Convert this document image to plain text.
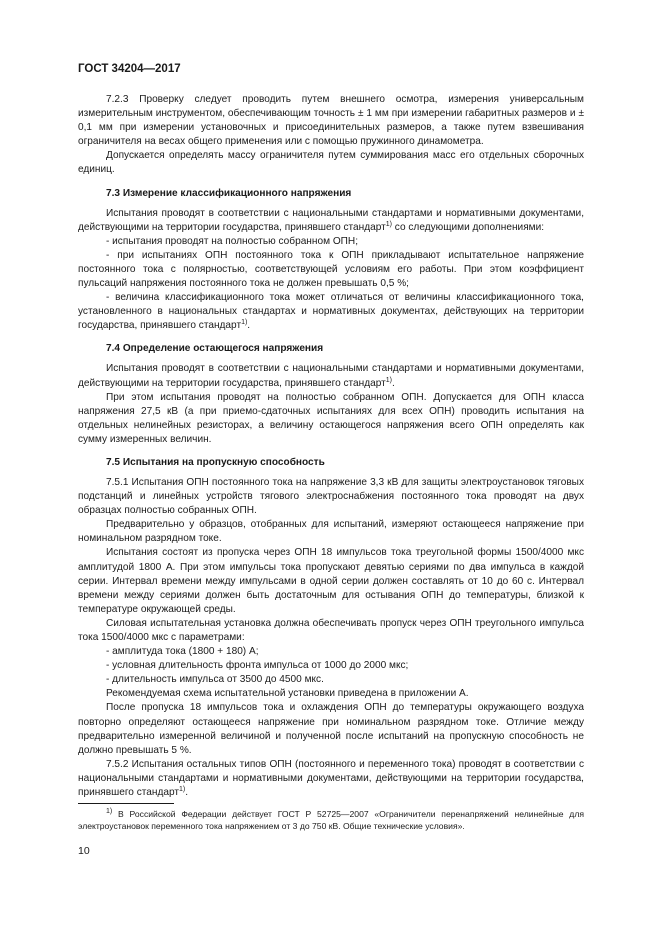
ГОСТ 34204—2017

7.2.3 Проверку следует проводить путем внешнего осмотра, измерения универсальным измерительным инструментом, обеспечивающим точность ± 1 мм при измерении габаритных размеров и ± 0,1 мм при измерении установочных и присоединительных размеров, а также путем взвешивания ограничителя на весах общего применения или с помощью пружинного динамометра.

Допускается определять массу ограничителя путем суммирования масс его отдельных сборочных единиц.

7.3 Измерение классификационного напряжения

Испытания проводят в соответствии с национальными стандартами и нормативными документами, действующими на территории государства, принявшего стандарт$^{1)}$ со следующими дополнениями:

- испытания проводят на полностью собранном ОПН;

- при испытаниях ОПН постоянного тока к ОПН прикладывают испытательное напряжение постоянного тока с полярностью, соответствующей условиям его работы. При этом коэффициент пульсаций напряжения постоянного тока не должен превышать 0,5 %;

- величина классификационного тока может отличаться от величины классификационного тока, установленного в национальных стандартах и нормативных документах, действующих на территории государства, принявшего стандарт$^{1)}$.

7.4 Определение остающегося напряжения

Испытания проводят в соответствии с национальными стандартами и нормативными документами, действующими на территории государства, принявшего стандарт$^{1)}$.

При этом испытания проводят на полностью собранном ОПН. Допускается для ОПН класса напряжения 27,5 кВ (а при приемо-сдаточных испытаниях для всех ОПН) проводить испытания на отдельных нелинейных резисторах, а величину остающегося напряжения всего ОПН определять как сумму измеренных величин.

7.5 Испытания на пропускную способность

7.5.1 Испытания ОПН постоянного тока на напряжение 3,3 кВ для защиты электроустановок тяговых подстанций и линейных устройств тягового электроснабжения постоянного тока проводят на двух образцах полностью собранных ОПН.

Предварительно у образцов, отобранных для испытаний, измеряют остающееся напряжение при номинальном разрядном токе.

Испытания состоят из пропуска через ОПН 18 импульсов тока треугольной формы 1500/4000 мкс амплитудой 1800 А. При этом импульсы тока пропускают девятью сериями по два импульса в каждой серии. Интервал времени между импульсами в одной серии должен составлять от 10 до 60 с. Интервал времени между сериями должен быть достаточным для остывания ОПН до температуры, близкой к температуре окружающей среды.

Силовая испытательная установка должна обеспечивать пропуск через ОПН треугольного импульса тока 1500/4000 мкс с параметрами:

- амплитуда тока (1800 + 180) А;

- условная длительность фронта импульса от 1000 до 2000 мкс;

- длительность импульса от 3500 до 4500 мкс.

Рекомендуемая схема испытательной установки приведена в приложении А.

После пропуска 18 импульсов тока и охлаждения ОПН до температуры окружающего воздуха повторно определяют остающееся напряжение при номинальном разрядном токе. Отличие между предварительно измеренной величиной и полученной после испытаний на пропускную способность не должно превышать 5 %.

7.5.2 Испытания остальных типов ОПН (постоянного и переменного тока) проводят в соответствии с национальными стандартами и нормативными документами, действующими на территории государства, принявшего стандарт$^{1)}$.

$^{1)}$ В Российской Федерации действует ГОСТ Р 52725—2007 «Ограничители перенапряжений нелинейные для электроустановок переменного тока напряжением от 3 до 750 кВ. Общие технические условия».
10
